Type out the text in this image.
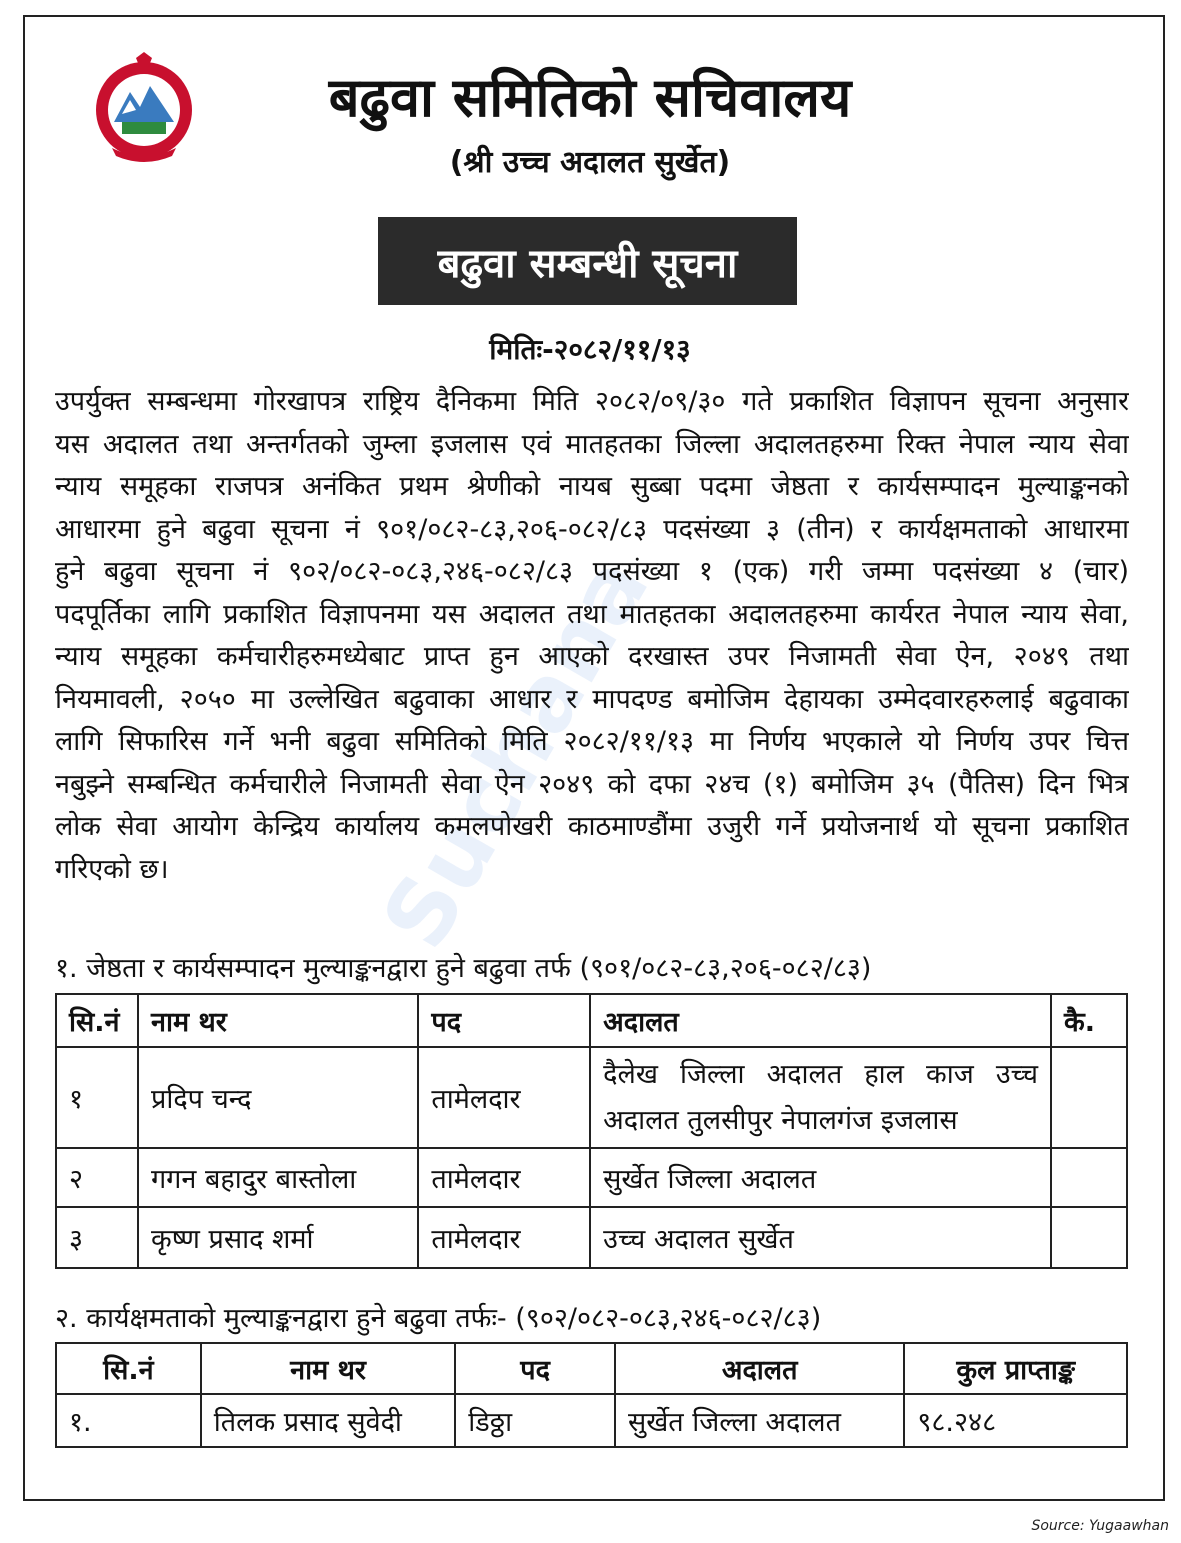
Suchana
बढुवा समितिको सचिवालय
(श्री उच्च अदालत सुर्खेत)
बढुवा सम्बन्धी सूचना
मितिः-२०८२/११/१३
उपर्युक्त सम्बन्धमा गोरखापत्र राष्ट्रिय दैनिकमा मिति २०८२/०९/३० गते प्रकाशित विज्ञापन सूचना अनुसार
यस अदालत तथा अन्तर्गतको जुम्ला इजलास एवं मातहतका जिल्ला अदालतहरुमा रिक्त नेपाल न्याय सेवा
न्याय समूहका राजपत्र अनंकित प्रथम श्रेणीको नायब सुब्बा पदमा जेष्ठता र कार्यसम्पादन मुल्याङ्कनको
आधारमा हुने बढुवा सूचना नं ९०१/०८२-८३,२०६-०८२/८३ पदसंख्या ३ (तीन) र कार्यक्षमताको आधारमा
हुने बढुवा सूचना नं ९०२/०८२-०८३,२४६-०८२/८३ पदसंख्या १ (एक) गरी जम्मा पदसंख्या ४ (चार)
पदपूर्तिका लागि प्रकाशित विज्ञापनमा यस अदालत तथा मातहतका अदालतहरुमा कार्यरत नेपाल न्याय सेवा,
न्याय समूहका कर्मचारीहरुमध्येबाट प्राप्त हुन आएको दरखास्त उपर निजामती सेवा ऐन, २०४९ तथा
नियमावली, २०५० मा उल्लेखित बढुवाका आधार र मापदण्ड बमोजिम देहायका उम्मेदवारहरुलाई बढुवाका
लागि सिफारिस गर्ने भनी बढुवा समितिको मिति २०८२/११/१३ मा निर्णय भएकाले यो निर्णय उपर चित्त
नबुझ्ने सम्बन्धित कर्मचारीले निजामती सेवा ऐन २०४९ को दफा २४च (१) बमोजिम ३५ (पैतिस) दिन भित्र
लोक सेवा आयोग केन्द्रिय कार्यालय कमलपोखरी काठमाण्डौंमा उजुरी गर्ने प्रयोजनार्थ यो सूचना प्रकाशित
गरिएको छ।
१. जेष्ठता र कार्यसम्पादन मुल्याङ्कनद्वारा हुने बढुवा तर्फ (९०१/०८२-८३,२०६-०८२/८३)
सि.नं	नाम थर	पद	अदालत	कै.
१	प्रदिप चन्द	तामेलदार	दैलेख जिल्ला अदालत हाल काज उच्च अदालत तुलसीपुर नेपालगंज इजलास	
२	गगन बहादुर बास्तोला	तामेलदार	सुर्खेत जिल्ला अदालत	
३	कृष्ण प्रसाद शर्मा	तामेलदार	उच्च अदालत सुर्खेत	
२. कार्यक्षमताको मुल्याङ्कनद्वारा हुने बढुवा तर्फः- (९०२/०८२-०८३,२४६-०८२/८३)
सि.नं	नाम थर	पद	अदालत	कुल प्राप्ताङ्क
१.	तिलक प्रसाद सुवेदी	डिठ्ठा	सुर्खेत जिल्ला अदालत	९८.२४८
Source: Yugaawhan
